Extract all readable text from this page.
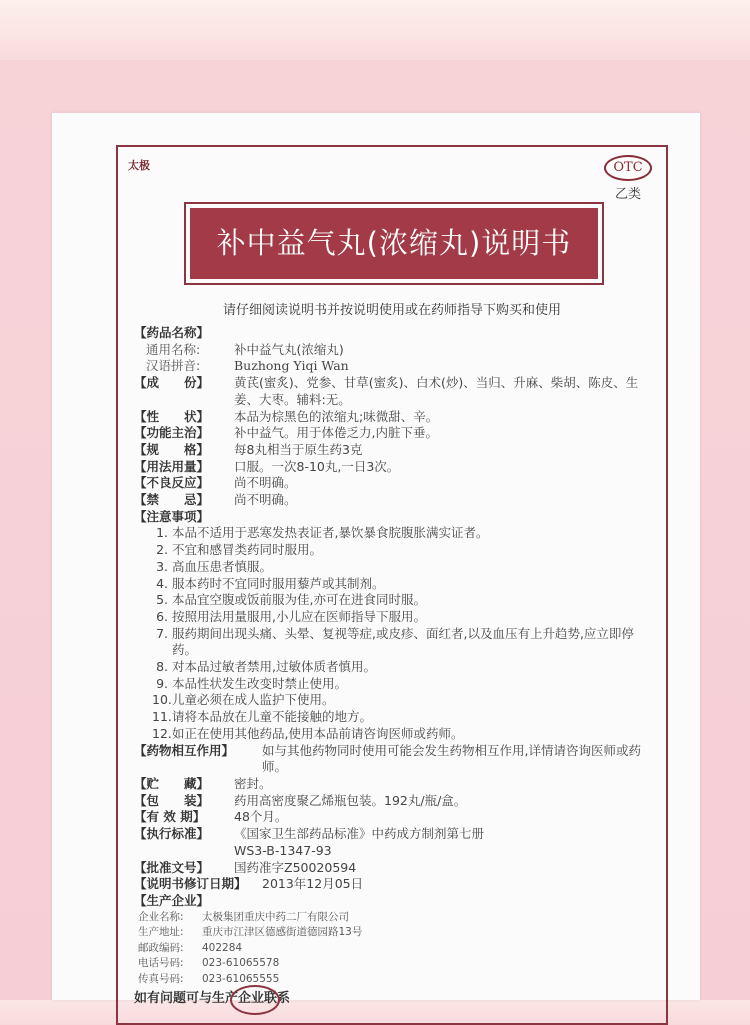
太极	OTC
乙类
补中益气丸(浓缩丸)说明书
请仔细阅读说明书并按说明使用或在药师指导下购买和使用
【药品名称】
通用名称:	补中益气丸(浓缩丸)
汉语拼音:	Buzhong Yiqi Wan
【成　　份】	黄芪(蜜炙)、党参、甘草(蜜炙)、白术(炒)、当归、升麻、柴胡、陈皮、生姜、大枣。辅料:无。
【性　　状】	本品为棕黑色的浓缩丸;味微甜、辛。
【功能主治】	补中益气。用于体倦乏力,内脏下垂。
【规　　格】	每8丸相当于原生药3克
【用法用量】	口服。一次8-10丸,一日3次。
【不良反应】	尚不明确。
【禁　　忌】	尚不明确。
【注意事项】
1. 本品不适用于恶寒发热表证者,暴饮暴食脘腹胀满实证者。
2. 不宜和感冒类药同时服用。
3. 高血压患者慎服。
4. 服本药时不宜同时服用藜芦或其制剂。
5. 本品宜空腹或饭前服为佳,亦可在进食同时服。
6. 按照用法用量服用,小儿应在医师指导下服用。
7. 服药期间出现头痛、头晕、复视等症,或皮疹、面红者,以及血压有上升趋势,应立即停药。
8. 对本品过敏者禁用,过敏体质者慎用。
9. 本品性状发生改变时禁止使用。
10. 儿童必须在成人监护下使用。
11. 请将本品放在儿童不能接触的地方。
12. 如正在使用其他药品,使用本品前请咨询医师或药师。
【药物相互作用】	如与其他药物同时使用可能会发生药物相互作用,详情请咨询医师或药师。
【贮　　藏】	密封。
【包　　装】	药用高密度聚乙烯瓶包装。192丸/瓶/盒。
【有 效 期】	48个月。
【执行标准】	《国家卫生部药品标准》中药成方制剂第七册
WS3-B-1347-93
【批准文号】	国药准字Z50020594
【说明书修订日期】	2013年12月05日
【生产企业】
企业名称:	太极集团重庆中药二厂有限公司
生产地址:	重庆市江津区德感街道德园路13号
邮政编码:	402284
电话号码:	023-61065578
传真号码:	023-61065555
如有问题可与生产企业联系
